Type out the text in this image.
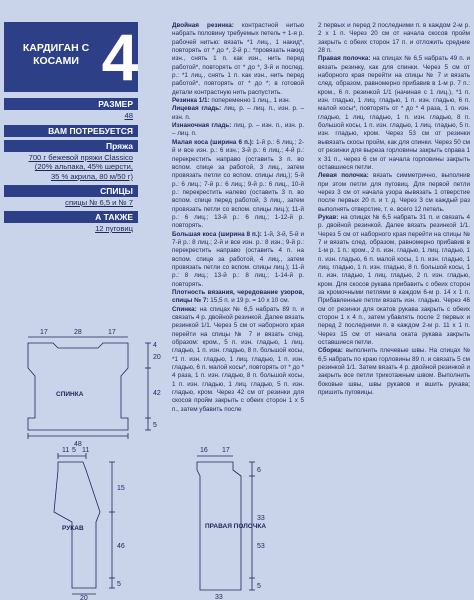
КАРДИГАН С КОСАМИ 4
РАЗМЕР
48
ВАМ ПОТРЕБУЕТСЯ
Пряжа
700 г бежевой пряжи Classico
(20% альпака, 45% шерсти,
35 % акрила, 80 м/50 г)
СПИЦЫ
спицы № 6,5 и № 7
А ТАКЖЕ
12 пуговиц

Двойная резинка: контрастной нитью набрать половину требуемых петель + 1-я р. рабочей нитью: вязать *1 лиц., 1 накид*, повторять от * до *, 2-й р.: *провязать накид изн., снять 1 п. как изн., нить перед работой*, повторять от * до *, 3-й и послед. р.: *1 лиц., снять 1 п. как изн., нить перед работой*, повторять от * до *; в готовой детали контрастную нить распустить.

Резинка 1/1: попеременно 1 лиц., 1 изн.

Лицевая гладь: лиц. р. – лиц. п., изн. р. – изн. п.

Изнаночная гладь: лиц. р. – изн. п., изн. р. – лиц. п.

Малая коса (ширина 6 п.): 1-й р.: 6 лиц.; 2-й и все изн. р.: 6 изн.; 3-й р.: 6 лиц.; 4-й р.: перекрестить направо (оставить 3 п. во вспом. спице за работой, 3 лиц., затем провязать петли со вспом. спицы лиц.); 5-й р.: 6 лиц.; 7-й р.: 6 лиц.; 9-й р.: 6 лиц., 10-й р.: перекрестить налево (оставить 3 п. во вспом. спице перед работой, 3 лиц., затем провязать петли со вспом. спицы лиц.); 11-й р.: 6 лиц.; 13-й р.: 6 лиц.; 1-12-й р. повторять.

Большая коса (ширина 8 п.): 1-й, 3-й, 5-й и 7-й р.: 8 лиц.; 2-й и все изн. р.: 8 изн.; 9-й р.: перекрестить направо (оставить 4 п. на вспом. спице за работой, 4 лиц., затем провязать петли со вспом. спицы лиц.); 11-й р.: 8 лиц.; 13-й р.: 8 лиц.; 1-14-й р. повторять.

Плотность вязания, чередование узоров, спицы № 7: 15,5 п. и 19 р. = 10 х 10 см.

Спинка: на спицах № 6,5 набрать 89 п. и связать 4 р. двойной резинкой. Далее вязать резинкой 1/1. Через 5 см от наборного края перейти на спицы № 7 и вязать след. образом: кром., 5 п. изн. гладью, 1 лиц. гладью, 1 п. изн. гладью, 8 п. большой косы, *1 п. изн. гладью, 1 лиц. гладью, 1 п. изн. гладью, 6 п. малой косы*, повторять от * до * 4 раза, 1 п. изн. гладью, 8 п. большой косы, 1 п. изн. гладью, 1 лиц. гладью, 5 п. изн. гладью, кром. Через 42 см от резинки для скосов пройм закрыть с обеих сторон 1 х 5 п., затем убавить после

2 первых и перед 2 последними п. в каждом 2-м р. 2 х 1 п. Через 20 см от начала скосов пройм закрыть с обеих сторон 17 п. и отложить средние 28 п.

Правая полочка: на спицах № 6,5 набрать 49 п. и вязать резинку, как для спинки. Через 5 см от наборного края перейти на спицы № 7 и вязать след. образом, равномерно прибавив в 1-м р. 7 п.: кром., 6 п. резинкой 1/1 (начиная с 1 лиц.), *1 п. изн. гладью, 1 лиц. гладью, 1 п. изн. гладью, 6 п. малой косы*, повторять от * до * 4 раза, 1 п. изн. гладью, 1 лиц. гладью, 1 п. изн. гладью, 8 п. большой косы, 1 п. изн. гладью, 1 лиц. гладью, 5 п. изн. гладью, кром. Через 53 см от резинки вывязать скосы пройм, как для спинки. Через 50 см от резинки для выреза горловины закрыть справа 1 х 31 п., через 6 см от начала горловины закрыть оставшиеся петли.

Левая полочка: вязать симметрично, выполнив при этом петли для пуговиц. Для первой петли через 3 см от начала узора вывязать 1 отверстие после первых 20 п. и т. д. Через 3 см каждый раз выполнять отверстие, т. е. всего 12 петель.

Рукав: на спицах № 6,5 набрать 31 п. и связать 4 р. двойной резинкой. Далее вязать резинкой 1/1. Через 5 см от наборного края перейти на спицы № 7 и вязать след. образом, равномерно прибавив в 1-м р. 1 п.: кром., 2 п. изн. гладью, 1 лиц. гладью, 1 п. изн. гладью, 6 п. малой косы, 1 п. изн. гладью, 1 лиц. гладью, 1 п. изн. гладью, 8 п. большой косы, 1 п. изн. гладью, 1 лиц. гладью, 2 п. изн. гладью, кром. Для скосов рукава прибавить с обеих сторон за кромочными петлями в каждом 6-м р. 14 х 1 п. Прибавленные петли вязать изн. гладью. Через 46 см от резинки для окатов рукава закрыть с обеих сторон 1 х 4 п., затем убавлять после 2 первых и перед 2 последними п. в каждом 2-м р. 11 х 1 п. Через 15 см от начала оката рукава закрыть оставшиеся петли.

Сборка: выполнить плечевые швы. На спицах № 6,5 набрать по краю горловины 89 п. и связать 5 см резинкой 1/1. Затем вязать 4 р. двойной резинкой и закрыть все петли трикотажным швом. Выполнить боковые швы, швы рукавов и вшить рукава; пришить пуговицы.

СПИНКА
17	28	17
4
20
42
5
48
11 5 11
РУКАВ
15
46
5
20
16 17
ПРАВАЯ ПОЛОЧКА
6
33
53
5
33
